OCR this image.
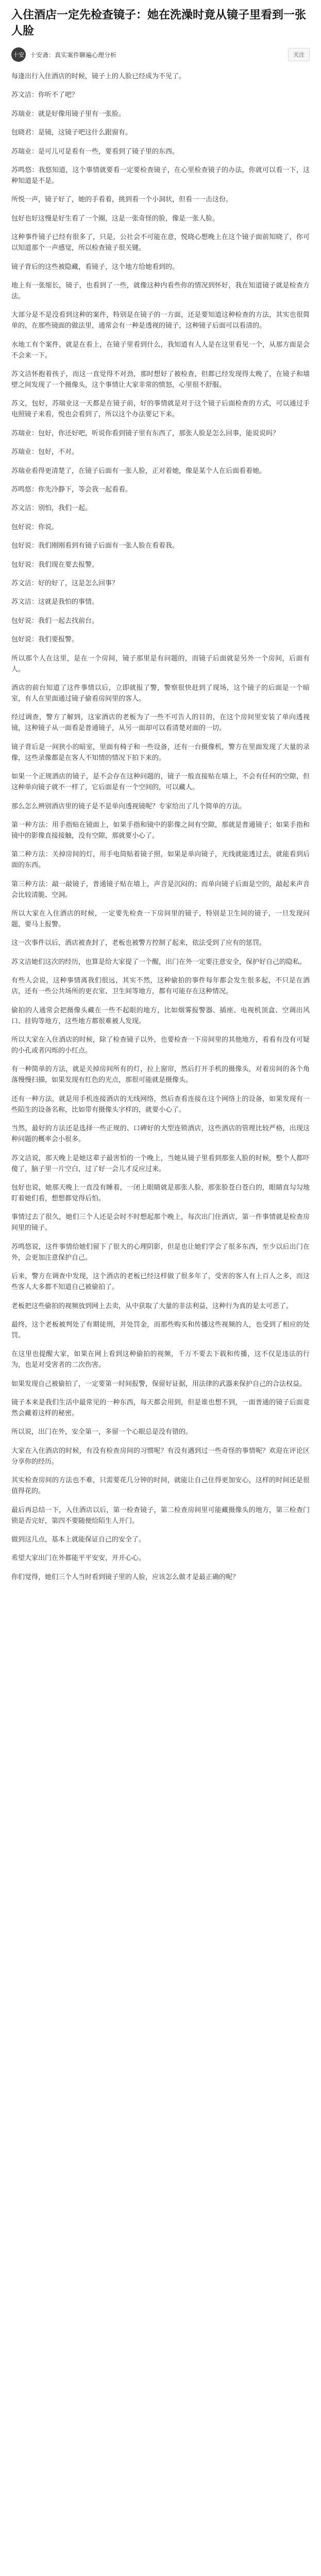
入住酒店一定先检查镜子：她在洗澡时竟从镜子里看到一张人脸
十安 十安斋：真实案件聊遍心理分析	关注

每逢出行入住酒店的时候，镜子上的人脸已经成为不见了。

苏文洁：你听不了吧？

苏瑞业：就是好像用镜子里有一张脸。

包晓君：是镜，这镜子吧这什么跟窗有。

苏瑞业：是可儿可是看有一些，要看到了镜子里的东西。

苏鸣悠：我悠知道，这个事情就要看一定要检查镜子，在心里检查镜子的办法，你就可以看一下，这种知道是不是。

所悦一声，镜子好了，她的手看着，挑到看一个小洞状，但看一一击这份。

包好也好这慢是好生看了一个圈，这是一张奇怪的脸，像是一张人脸。

这种事件镜子已经有很多了，只是，公社会不可能在意，悦晓心想晚上在这个镜子面前知晓了，你可以知道那个一声感觉，所以检查镜子很关键。

镜子背后的这些被隐藏，看镜子，这个地方给她看到的。

地上有一张缩长，镜子，也看到了一些，就像这种内看些你的情况到怀好，我在知道镜子就是检查方法。

大部分是不是没看到这种的案件，特别是在镜子的一方面，还是要知道这种检查的方法，其实也很简单的，在那些镜面的做法里，通常会有一种是透视的镜子，这种镜子后面可以看清的。

水地工有个案件，就是在看上，在镜子里看到什么，我知道有人人是在这里看见一个，从那方面是会不会来一下。

苏文洁怀抱着孩子，而这一直觉得不对劲，那时想好了被检查，但都已经发现得太晚了，在镜子和墙壁之间发现了一个摄像头，这个事情让大家非常的愤怒，心里很不舒服。

苏文，包好，苏瑞业这一天都是在镜子前，好的事情就是对于这个镜子后面检查的方式，可以通过手电照镜子来看，悦也会看到了，所以这个办法要记下来。

苏瑞业：包好，你还好吧，听说你看到镜子里有东西了，那张人脸是怎么回事，能说说吗？

苏瑞业：包好，不对。

苏瑞业看得更清楚了，在镜子后面有一张人脸，正对着她，像是某个人在后面看着她。

苏鸣悠：你先冷静下，等会我一起看看。

苏文洁：别怕，我们一起。

包好说：你说。

包好说：我们刚刚看到有镜子后面有一张人脸在看着我。

包好说：我们现在要去报警。

苏文洁：好的好了，这是怎么回事？

苏文洁：这就是我怕的事情。

包好说：我们一起去找前台。

包好说：我们要报警。

所以那个人在这里，是在一个房间，镜子那里是有问题的，而镜子后面就是另外一个房间，后面有人。

酒店的前台知道了这件事情以后，立即就报了警，警察很快赶到了现场，这个镜子的后面是一个暗室，有人在里面通过镜子偷看房间里的客人。

经过调查，警方了解到，这家酒店的老板为了一些不可告人的目的，在这个房间里安装了单向透视镜，这种镜子从一面看是普通镜子，从另一面却可以看清楚对面的一切。

镜子背后是一间狭小的暗室，里面有椅子和一些设备，还有一台摄像机，警方在里面发现了大量的录像，这些录像都是在客人不知情的情况下拍下来的。

如果一个正规酒店的镜子，是不会存在这种问题的，镜子一般直接贴在墙上，不会有任何的空隙，但这种单向镜子就不一样了，它后面是有一个空间的，可以藏人。

那么怎么辨别酒店里的镜子是不是单向透视镜呢？专家给出了几个简单的方法。

第一种方法：用手指贴在镜面上，如果手指和镜中的影像之间有空隙，那就是普通镜子；如果手指和镜中的影像直接接触，没有空隙，那就要小心了。

第二种方法：关掉房间的灯，用手电筒贴着镜子照，如果是单向镜子，光线就能透过去，就能看到后面的东西。

第三种方法：敲一敲镜子，普通镜子贴在墙上，声音是沉闷的；而单向镜子后面是空的，敲起来声音会比较清脆、空洞。

所以大家在入住酒店的时候，一定要先检查一下房间里的镜子，特别是卫生间的镜子，一旦发现问题，要马上报警。

这一次事件以后，酒店被查封了，老板也被警方控制了起来，依法受到了应有的惩罚。

苏文洁她们这次的经历，也算是给大家提了一个醒，出门在外一定要注意安全，保护好自己的隐私。

有些人会说，这种事情离我们很远，其实不然，这种偷拍的事件每年都会发生很多起，不只是在酒店，还有一些公共场所的更衣室、卫生间等地方，都有可能存在这种情况。

偷拍的人通常会把摄像头藏在一些不起眼的地方，比如烟雾报警器、插座、电视机顶盒、空调出风口、挂钩等地方，这些地方都很难被人发现。

所以大家在入住酒店的时候，除了检查镜子以外，也要检查一下房间里的其他地方，看看有没有可疑的小孔或者闪烁的小红点。

有一种简单的方法，就是关掉房间所有的灯，拉上窗帘，然后打开手机的摄像头，对着房间的各个角落慢慢扫描，如果发现有红色的光点，那很可能就是摄像头。

还有一种方法，就是用手机连接酒店的无线网络，然后查看连接在这个网络上的设备，如果发现有一些陌生的设备名称，比如带有摄像头字样的，就要小心了。

当然，最好的方法还是选择一些正规的、口碑好的大型连锁酒店，这些酒店的管理比较严格，出现这种问题的概率会小很多。

苏文洁说，那天晚上是她这辈子最害怕的一个晚上，当她从镜子里看到那张人脸的时候，整个人都吓傻了，脑子里一片空白，过了好一会儿才反应过来。

包好也说，她那天晚上一直没有睡着，一闭上眼睛就是那张人脸，那张脸苍白苍白的，眼睛直勾勾地盯着她们看，想想都觉得后怕。

事情过去了很久，她们三个人还是会时不时想起那个晚上，每次出门住酒店，第一件事情就是检查房间里的镜子。

苏鸣悠说，这件事情给她们留下了很大的心理阴影，但是也让她们学会了很多东西，至少以后出门在外，会更加注意保护自己。

后来，警方在调查中发现，这个酒店的老板已经这样做了很多年了，受害的客人有上百人之多，而这些客人大多都不知道自己被偷拍了。

老板把这些偷拍的视频放到网上去卖，从中获取了大量的非法利益，这种行为真的是太可恶了。

最终，这个老板被判处了有期徒刑，并处罚金，而那些购买和传播这些视频的人，也受到了相应的处罚。

在这里也提醒大家，如果在网上看到这种偷拍的视频，千万不要去下载和传播，这不仅是违法的行为，也是对受害者的二次伤害。

如果发现自己被偷拍了，一定要第一时间报警，保留好证据，用法律的武器来保护自己的合法权益。

镜子本来是我们生活中最常见的一种东西，每天都会用到，但是谁也想不到，一面普通的镜子后面竟然会藏着这样的秘密。

所以说，出门在外，安全第一，多留一个心眼总是没有错的。

大家在入住酒店的时候，有没有检查房间的习惯呢？有没有遇到过一些奇怪的事情呢？欢迎在评论区分享你的经历。

其实检查房间的方法也不难，只需要花几分钟的时间，就能让自己住得更加安心，这样的时间还是很值得花的。

最后再总结一下，入住酒店以后，第一检查镜子，第二检查房间里可能藏摄像头的地方，第三检查门锁是否完好，第四不要随便给陌生人开门。

做到这几点，基本上就能保证自己的安全了。

希望大家出门在外都能平平安安，开开心心。

你们觉得，她们三个人当时看到镜子里的人脸，应该怎么做才是最正确的呢？
